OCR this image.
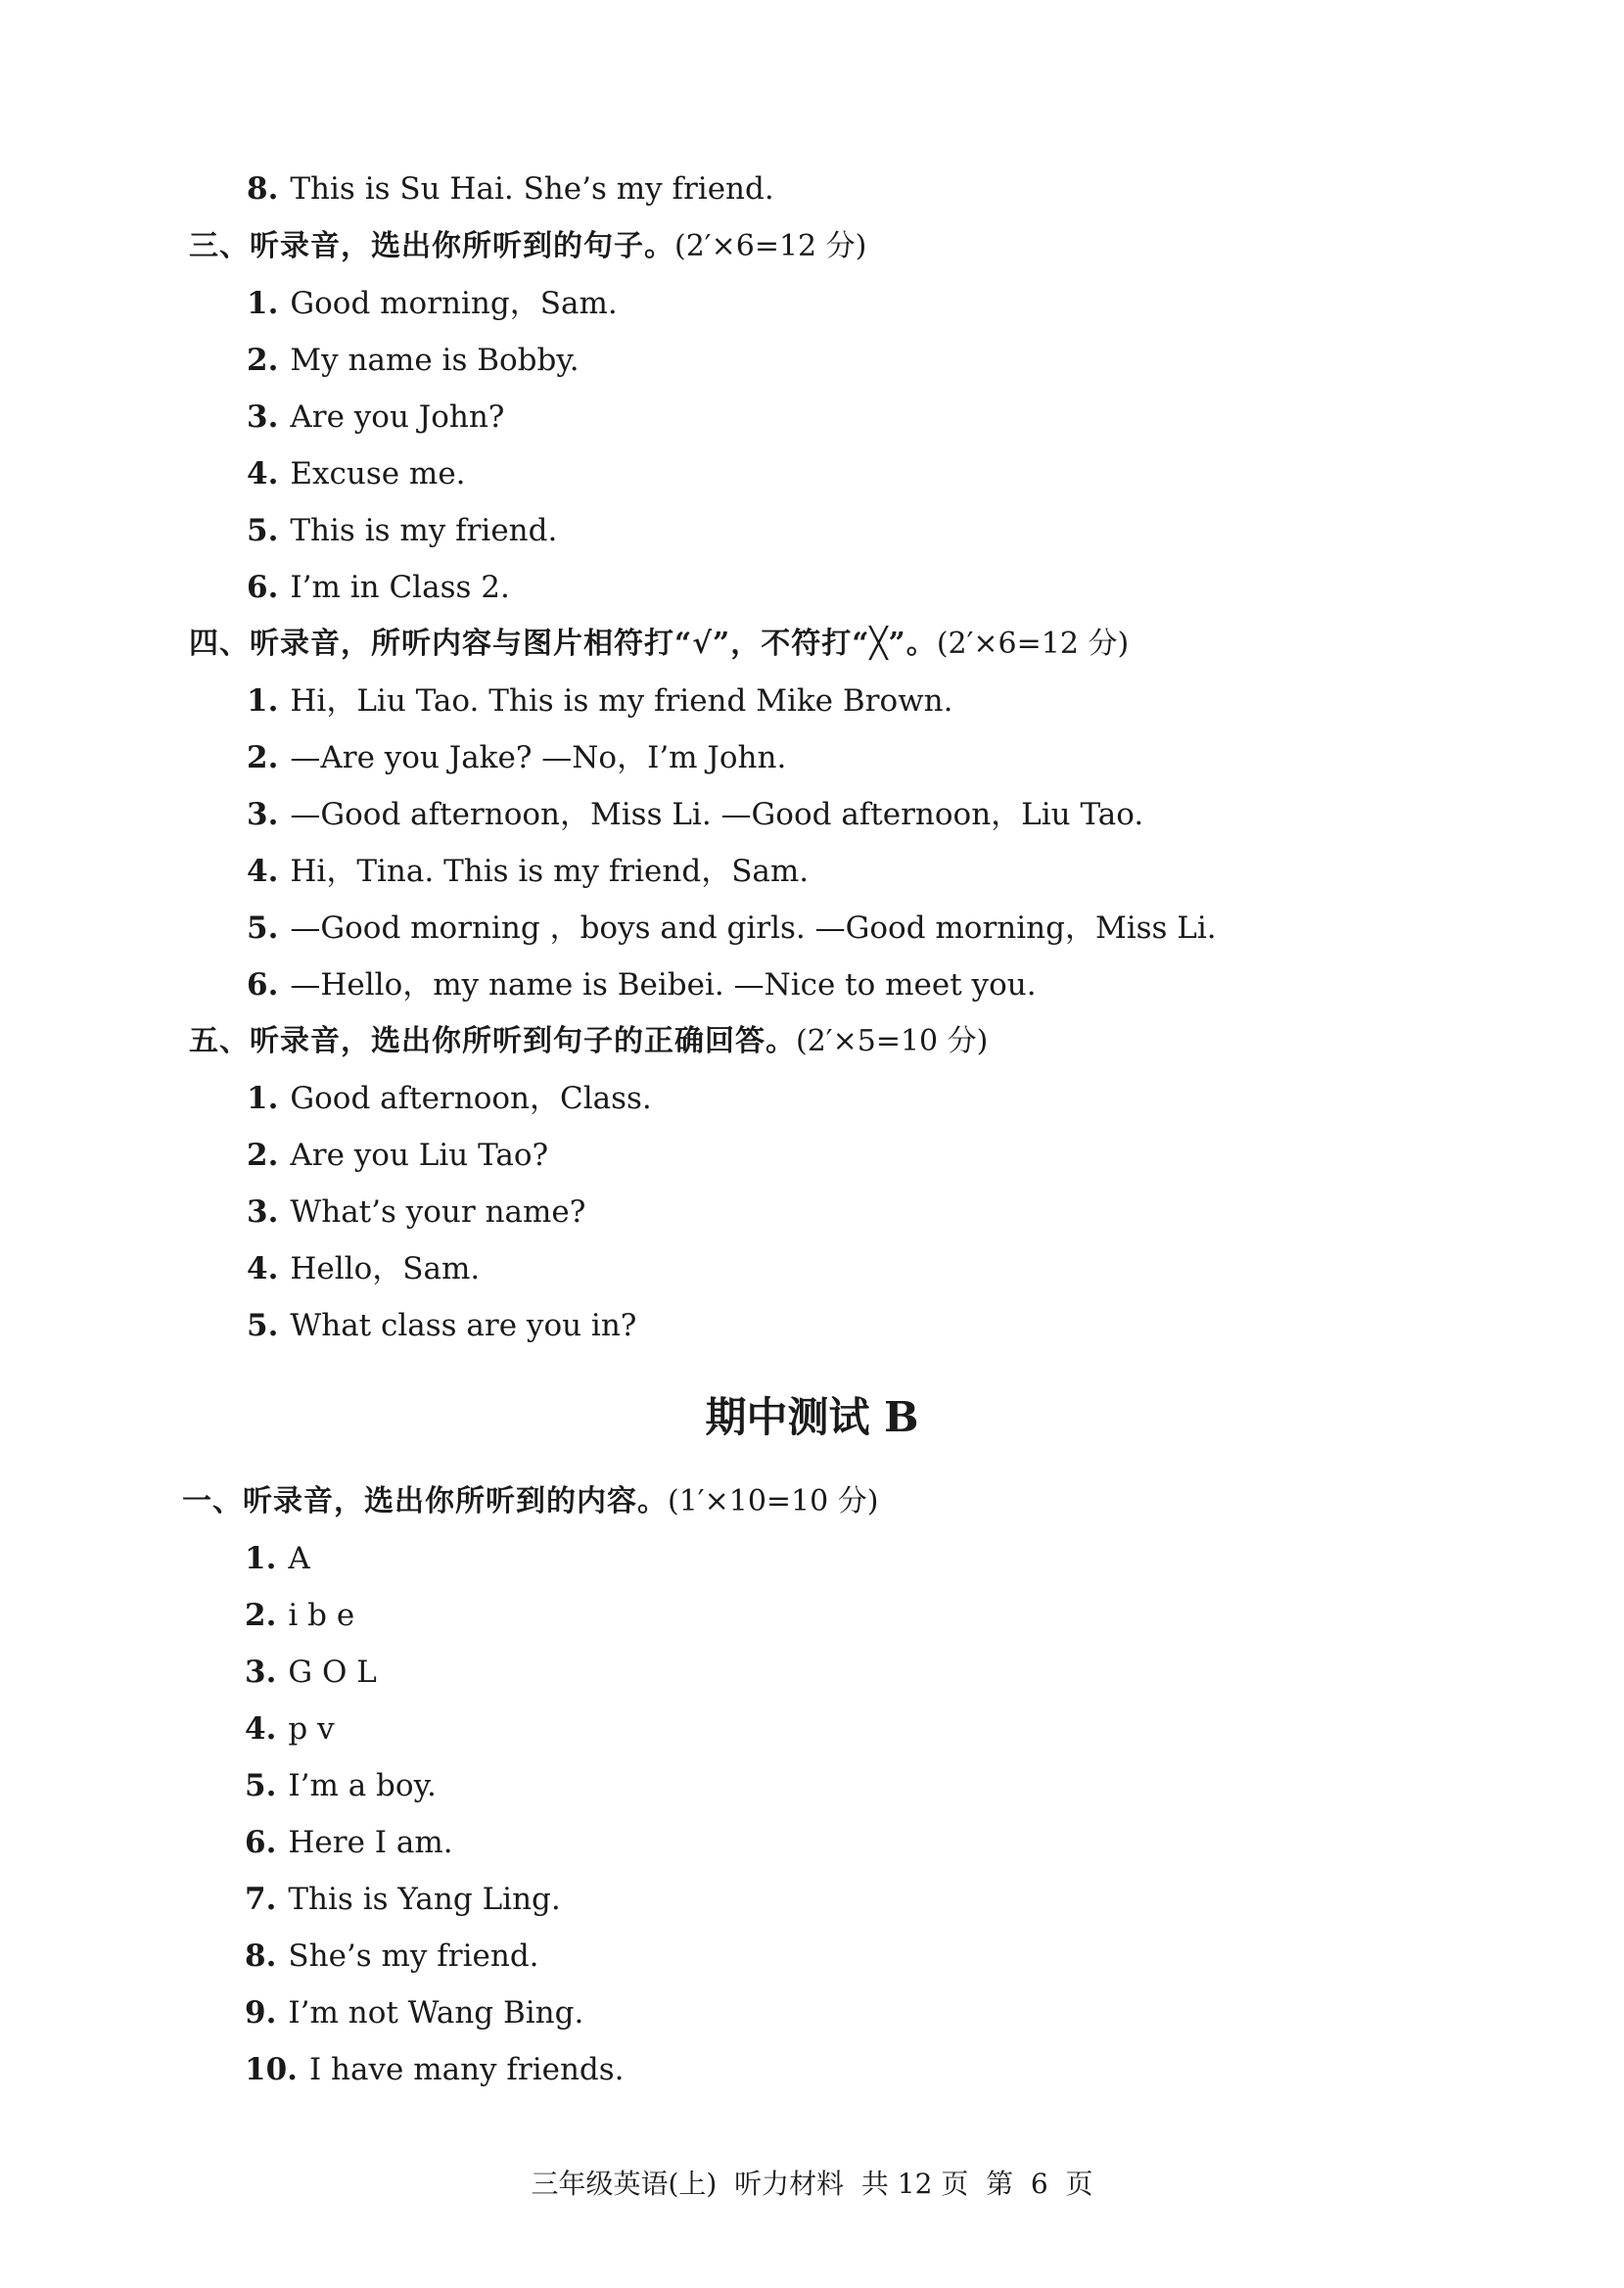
8. This is Su Hai. She’s my friend.
三、听录音，选出你所听到的句子。(2′×6=12 分)
1. Good morning，Sam.
2. My name is Bobby.
3. Are you John?
4. Excuse me.
5. This is my friend.
6. I’m in Class 2.
四、听录音，所听内容与图片相符打“√”，不符打“╳”。(2′×6=12 分)
1. Hi，Liu Tao. This is my friend Mike Brown.
2. —Are you Jake? —No，I’m John.
3. —Good afternoon，Miss Li. —Good afternoon，Liu Tao.
4. Hi，Tina. This is my friend，Sam.
5. —Good morning ，boys and girls. —Good morning，Miss Li.
6. —Hello，my name is Beibei. —Nice to meet you.
五、听录音，选出你所听到句子的正确回答。(2′×5=10 分)
1. Good afternoon，Class.
2. Are you Liu Tao?
3. What’s your name?
4. Hello，Sam.
5. What class are you in?
期中测试 B
一、听录音，选出你所听到的内容。(1′×10=10 分)
1. A
2. i b e
3. G O L
4. p v
5. I’m a boy.
6. Here I am.
7. This is Yang Ling.
8. She’s my friend.
9. I’m not Wang Bing.
10. I have many friends.
三年级英语(上)  听力材料  共 12 页  第  6  页
